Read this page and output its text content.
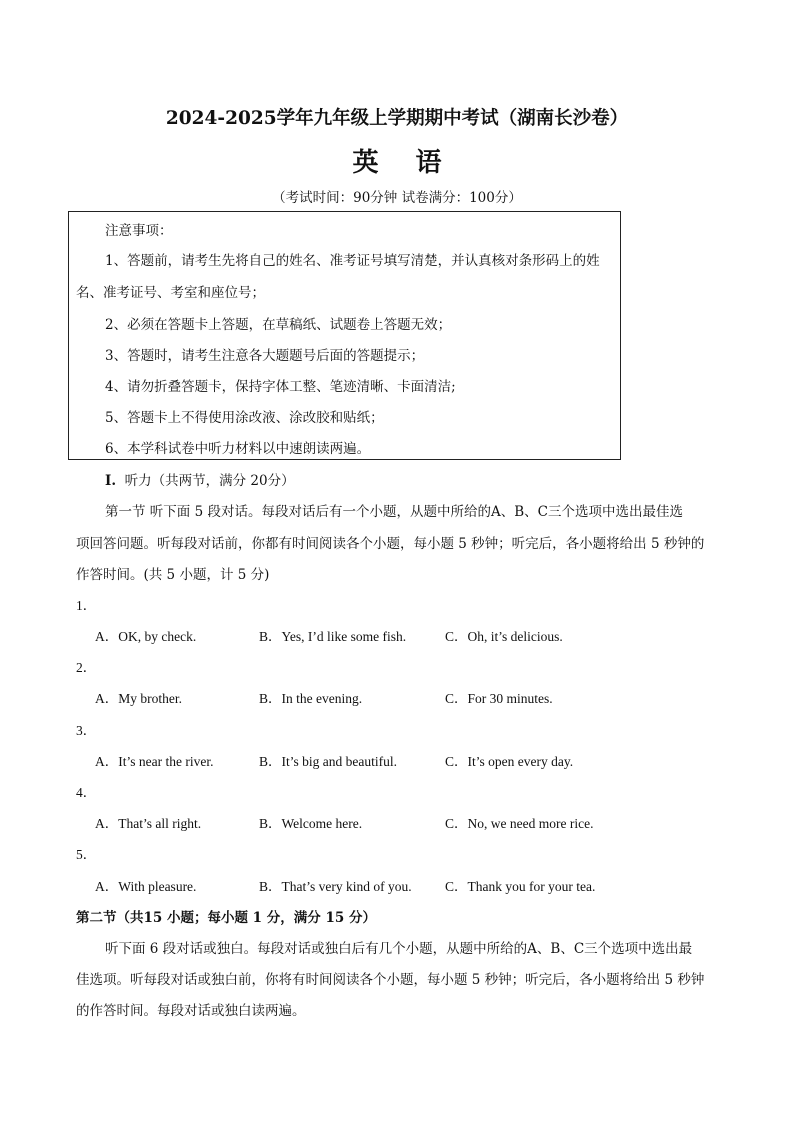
2024-2025学年九年级上学期期中考试（湖南长沙卷）
英 语
（考试时间：90分钟 试卷满分：100分）
注意事项：
1、答题前，请考生先将自己的姓名、准考证号填写清楚，并认真核对条形码上的姓
名、准考证号、考室和座位号；
2、必须在答题卡上答题，在草稿纸、试题卷上答题无效；
3、答题时，请考生注意各大题题号后面的答题提示；
4、请勿折叠答题卡，保持字体工整、笔迹清晰、卡面清洁;
5、答题卡上不得使用涂改液、涂改胶和贴纸；
6、本学科试卷中听力材料以中速朗读两遍。
I. 听力（共两节，满分 20分）
第一节 听下面 5 段对话。每段对话后有一个小题，从题中所给的A、B、C三个选项中选出最佳选
项回答问题。听每段对话前，你都有时间阅读各个小题，每小题 5 秒钟；听完后，各小题将给出 5 秒钟的
作答时间。(共 5 小题，计 5 分)
1．
A．OK, by check.	B．Yes, I’d like some fish.	C．Oh, it’s delicious.
2．
A．My brother.	B．In the evening.	C．For 30 minutes.
3．
A．It’s near the river.	B．It’s big and beautiful.	C．It’s open every day.
4．
A．That’s all right.	B．Welcome here.	C．No, we need more rice.
5．
A．With pleasure.	B．That’s very kind of you. C．Thank you for your tea.
第二节（共15 小题；每小题 1 分，满分 15 分）
听下面 6 段对话或独白。每段对话或独白后有几个小题，从题中所给的A、B、C三个选项中选出最
佳选项。听每段对话或独白前，你将有时间阅读各个小题，每小题 5 秒钟；听完后，各小题将给出 5 秒钟
的作答时间。每段对话或独白读两遍。
